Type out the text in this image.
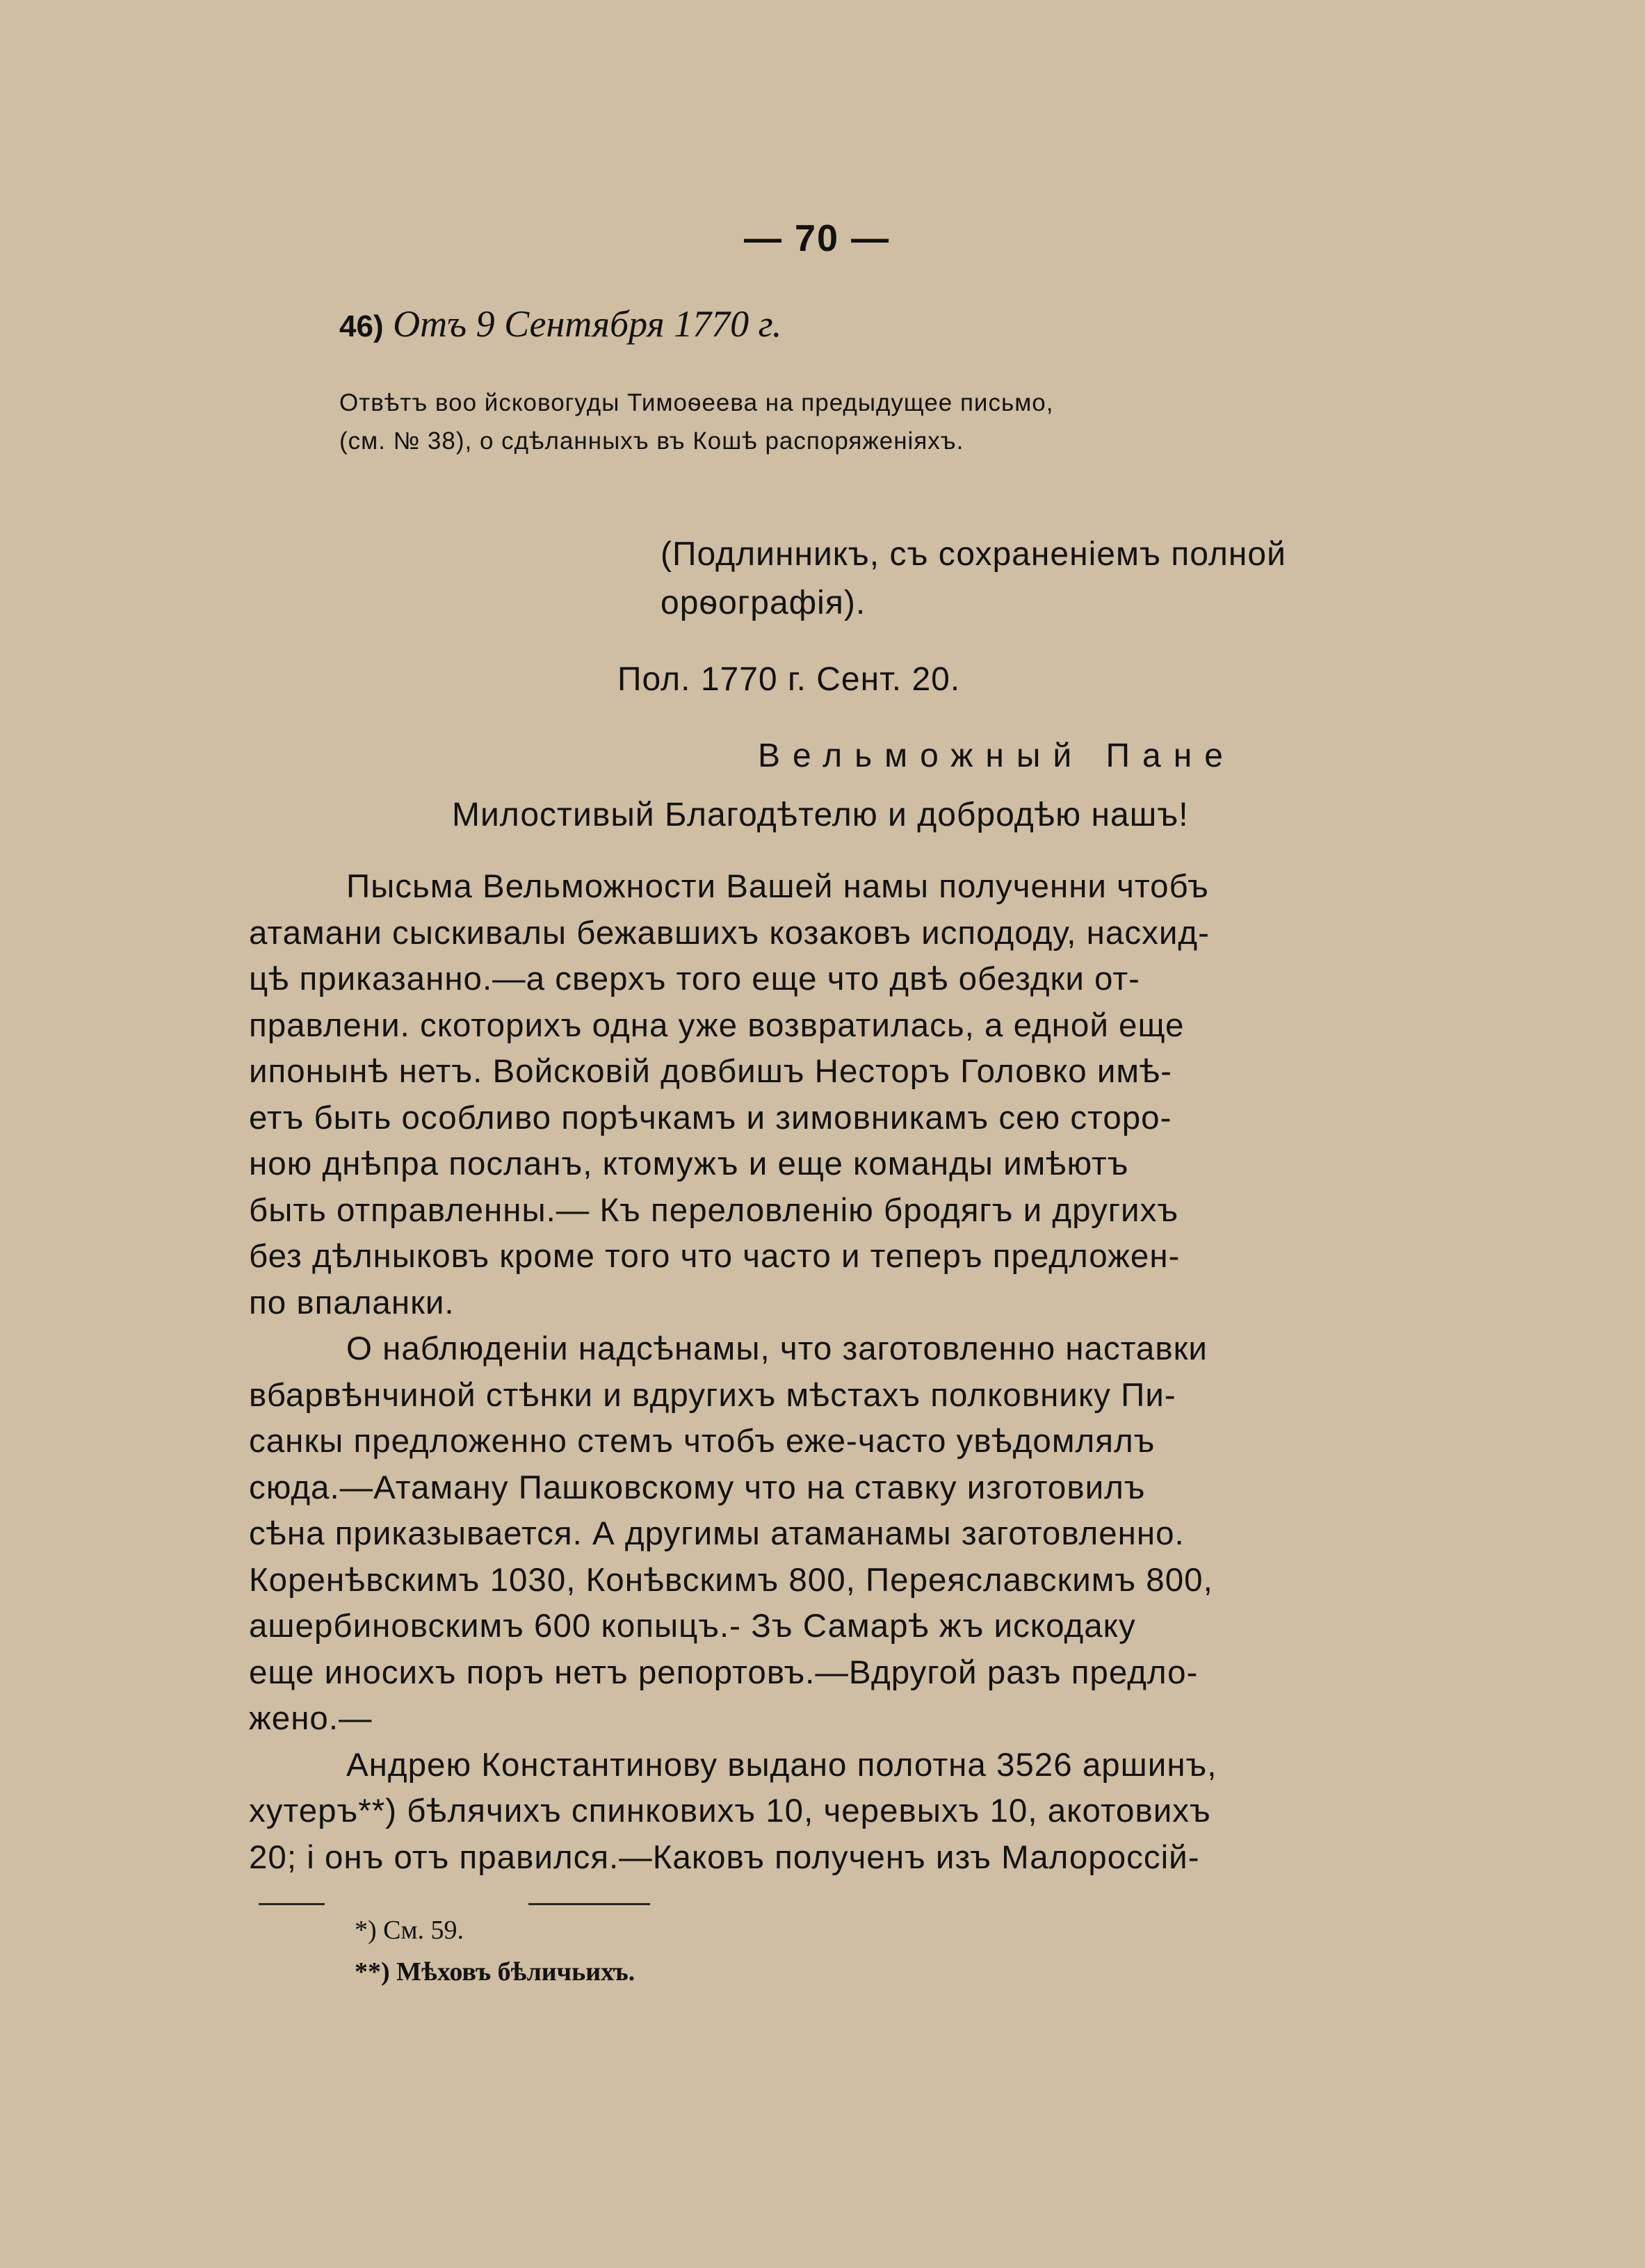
— 70 —
46) Отъ 9 Сентября 1770 г.
Отвѣтъ воо йсковогуды Тимоѳеева на предыдущее письмо,
(см. № 38), о сдѣланныхъ въ Кошѣ распоряженіяхъ.
(Подлинникъ, съ сохраненіемъ полной
орѳографія).
Пол. 1770 г. Сент. 20.
Вельможный Пане
Милостивый Благодѣтелю и добродѣю нашъ!
Пысьма Вельможности Вашей намы полученни чтобъ
атамани сыскивалы бежавшихъ козаковъ испододу, насхид-
цѣ приказанно.—а сверхъ того еще что двѣ обездки от-
правлени. скоторихъ одна уже возвратилась, а едной еще
ипонынѣ нетъ. Войсковій довбишъ Несторъ Головко имѣ-
етъ быть особливо порѣчкамъ и зимовникамъ сею сторо-
ною днѣпра посланъ, ктомужъ и еще команды имѣютъ
быть отправленны.— Къ переловленію бродягъ и другихъ
без дѣлныковъ кроме того что часто и теперъ предложен-
по впаланки.
О наблюденіи надсѣнамы, что заготовленно наставки
вбарвѣнчиной стѣнки и вдругихъ мѣстахъ полковнику Пи-
санкы предложенно стемъ чтобъ еже-часто увѣдомлялъ
сюда.—Атаману Пашковскому что на ставку изготовилъ
сѣна приказывается. А другимы атаманамы заготовленно.
Коренѣвскимъ 1030, Конѣвскимъ 800, Переяславскимъ 800,
ашербиновскимъ 600 копыцъ.- Зъ Самарѣ жъ искодаку
еще иносихъ поръ нетъ репортовъ.—Вдругой разъ предло-
жено.—
Андрею Константинову выдано полотна 3526 аршинъ,
хутеръ**) бѣлячихъ спинковихъ 10, черевыхъ 10, акотовихъ
20; і онъ отъ правился.—Каковъ полученъ изъ Малороссій-
*) См. 59.
**) Мѣховъ бѣличьихъ.
